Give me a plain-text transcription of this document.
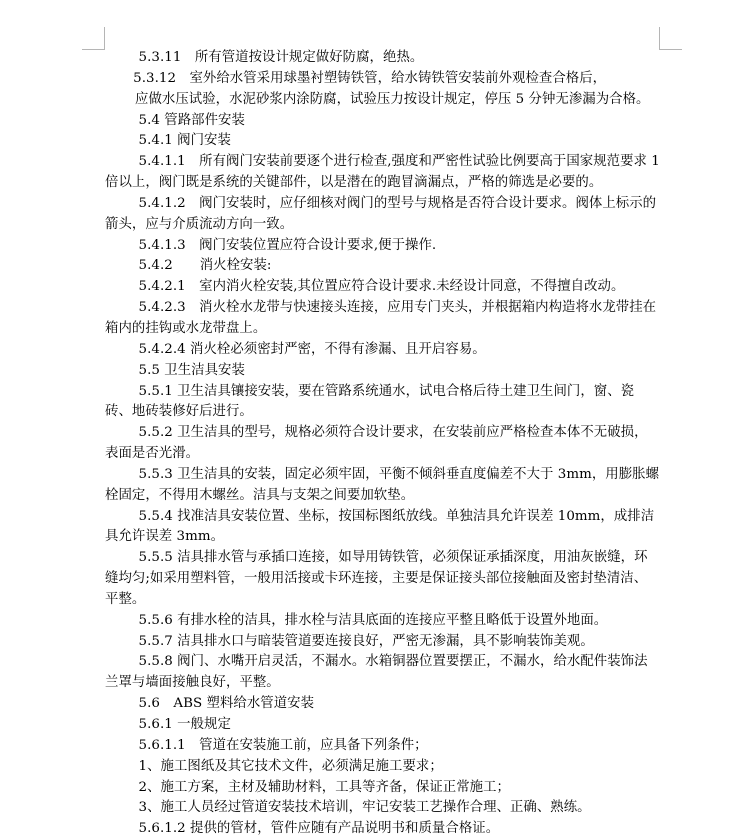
5.3.11　所有管道按设计规定做好防腐，绝热。

5.3.12　室外给水管采用球墨衬塑铸铁管，给水铸铁管安装前外观检查合格后，

应做水压试验，水泥砂浆内涂防腐，试验压力按设计规定，停压 5 分钟无渗漏为合格。

5.4 管路部件安装

5.4.1 阀门安装

5.4.1.1　所有阀门安装前要逐个进行检查,强度和严密性试验比例要高于国家规范要求 1 倍以上，阀门既是系统的关键部件，以是潜在的跑冒滴漏点，严格的筛选是必要的。

5.4.1.2　阀门安装时，应仔细核对阀门的型号与规格是否符合设计要求。阀体上标示的箭头，应与介质流动方向一致。

5.4.1.3　阀门安装位置应符合设计要求,便于操作.

5.4.2　　消火栓安装:

5.4.2.1　室内消火栓安装,其位置应符合设计要求.未经设计同意，不得擅自改动。

5.4.2.3　消火栓水龙带与快速接头连接，应用专门夹头，并根据箱内构造将水龙带挂在箱内的挂钩或水龙带盘上。

5.4.2.4 消火栓必须密封严密，不得有渗漏、且开启容易。

5.5 卫生洁具安装

5.5.1 卫生洁具镶接安装，要在管路系统通水，试电合格后待土建卫生间门，窗、瓷砖、地砖装修好后进行。

5.5.2 卫生洁具的型号，规格必须符合设计要求，在安装前应严格检查本体不无破损，表面是否光滑。

5.5.3 卫生洁具的安装，固定必须牢固，平衡不倾斜垂直度偏差不大于 3mm，用膨胀螺栓固定，不得用木螺丝。洁具与支架之间要加软垫。

5.5.4 找准洁具安装位置、坐标，按国标图纸放线。单独洁具允许误差 10mm，成排洁具允许误差 3mm。

5.5.5 洁具排水管与承插口连接，如导用铸铁管，必须保证承插深度，用油灰嵌缝，环缝均匀;如采用塑料管，一般用活接或卡环连接，主要是保证接头部位接触面及密封垫清洁、平整。

5.5.6 有排水栓的洁具，排水栓与洁具底面的连接应平整且略低于设置外地面。

5.5.7 洁具排水口与暗装管道要连接良好，严密无渗漏，具不影响装饰美观。

5.5.8 阀门、水嘴开启灵活，不漏水。水箱铜器位置要摆正，不漏水，给水配件装饰法兰罩与墙面接触良好，平整。

5.6　ABS 塑料给水管道安装

5.6.1 一般规定

5.6.1.1　管道在安装施工前，应具备下列条件；

1、施工图纸及其它技术文件，必须满足施工要求；

2、施工方案，主材及辅助材料，工具等齐备，保证正常施工；

3、施工人员经过管道安装技术培训，牢记安装工艺操作合理、正确、熟练。

5.6.1.2 提供的管材，管件应随有产品说明书和质量合格证。
